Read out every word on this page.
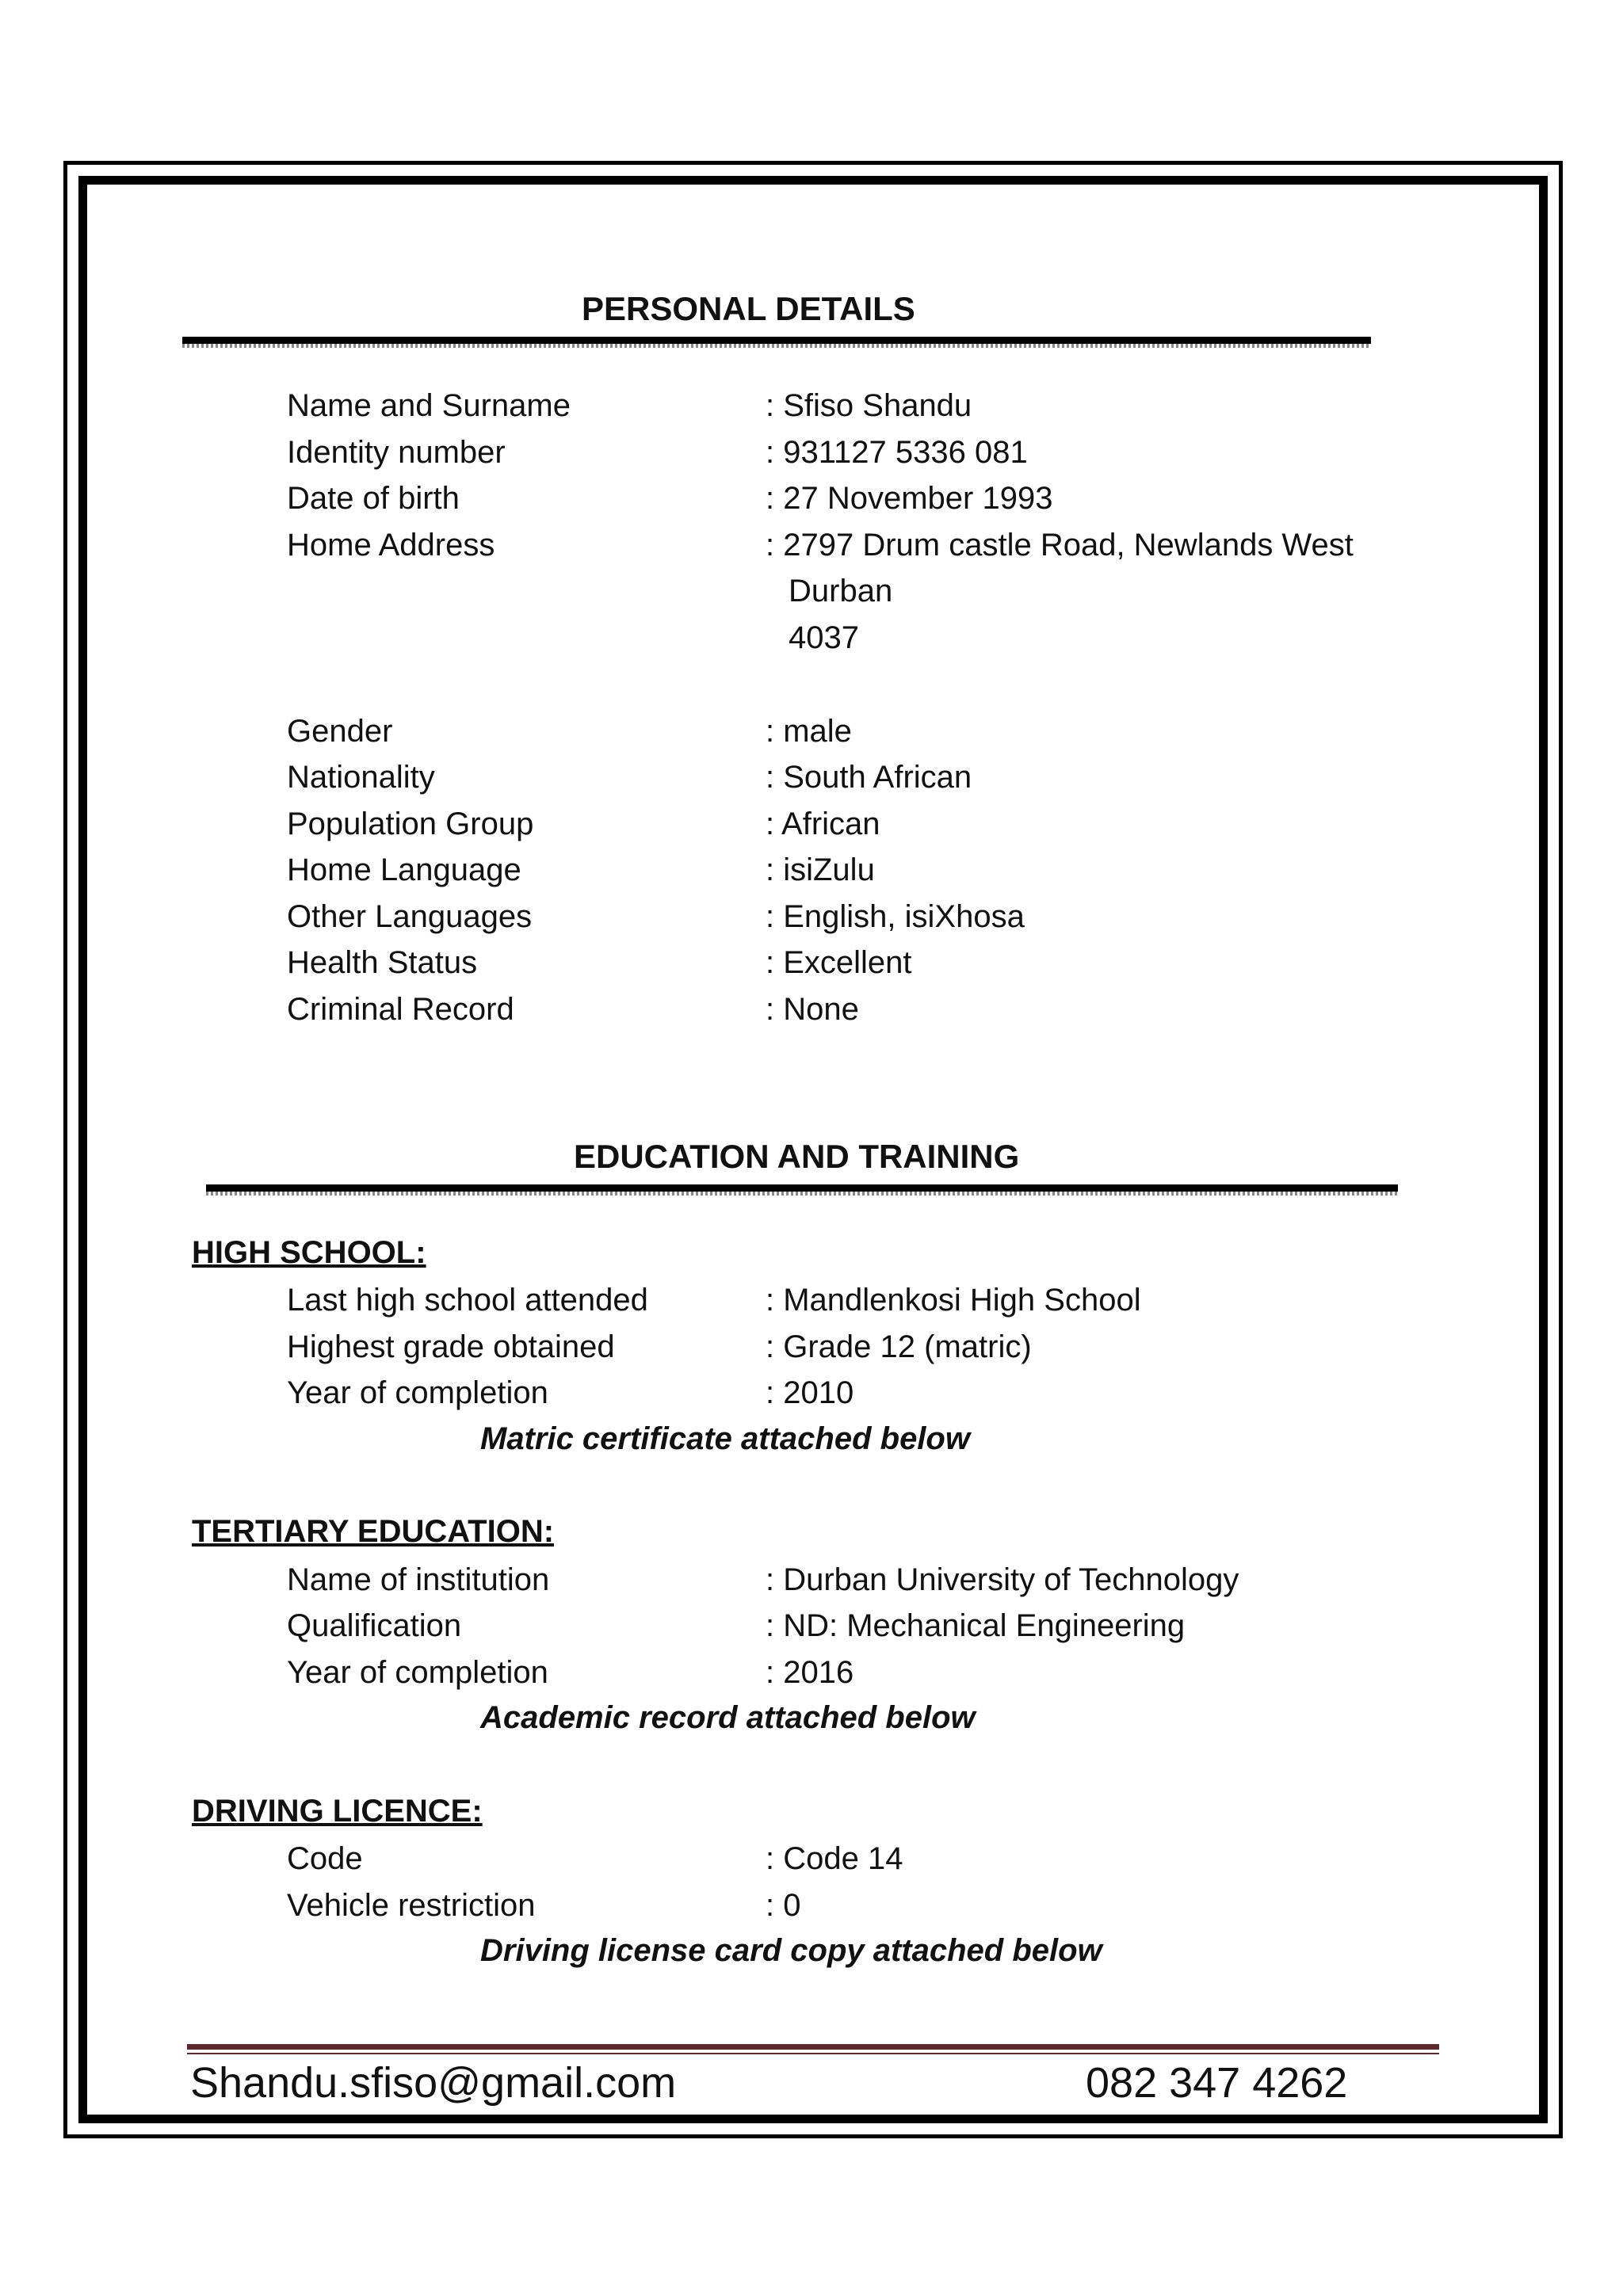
PERSONAL DETAILS
Name and Surname	: Sfiso Shandu
Identity number	: 931127 5336 081
Date of birth	: 27 November 1993
Home Address	: 2797 Drum castle Road, Newlands West
Durban
4037
Gender	: male
Nationality	: South African
Population Group	: African
Home Language	: isiZulu
Other Languages	: English, isiXhosa
Health Status	: Excellent
Criminal Record	: None
EDUCATION AND TRAINING
HIGH SCHOOL:
Last high school attended	: Mandlenkosi High School
Highest grade obtained	: Grade 12 (matric)
Year of completion	: 2010
Matric certificate attached below
TERTIARY EDUCATION:
Name of institution	: Durban University of Technology
Qualification	: ND: Mechanical Engineering
Year of completion	: 2016
Academic record attached below
DRIVING LICENCE:
Code	: Code 14
Vehicle restriction	: 0
Driving license card copy attached below
Shandu.sfiso@gmail.com	082 347 4262
